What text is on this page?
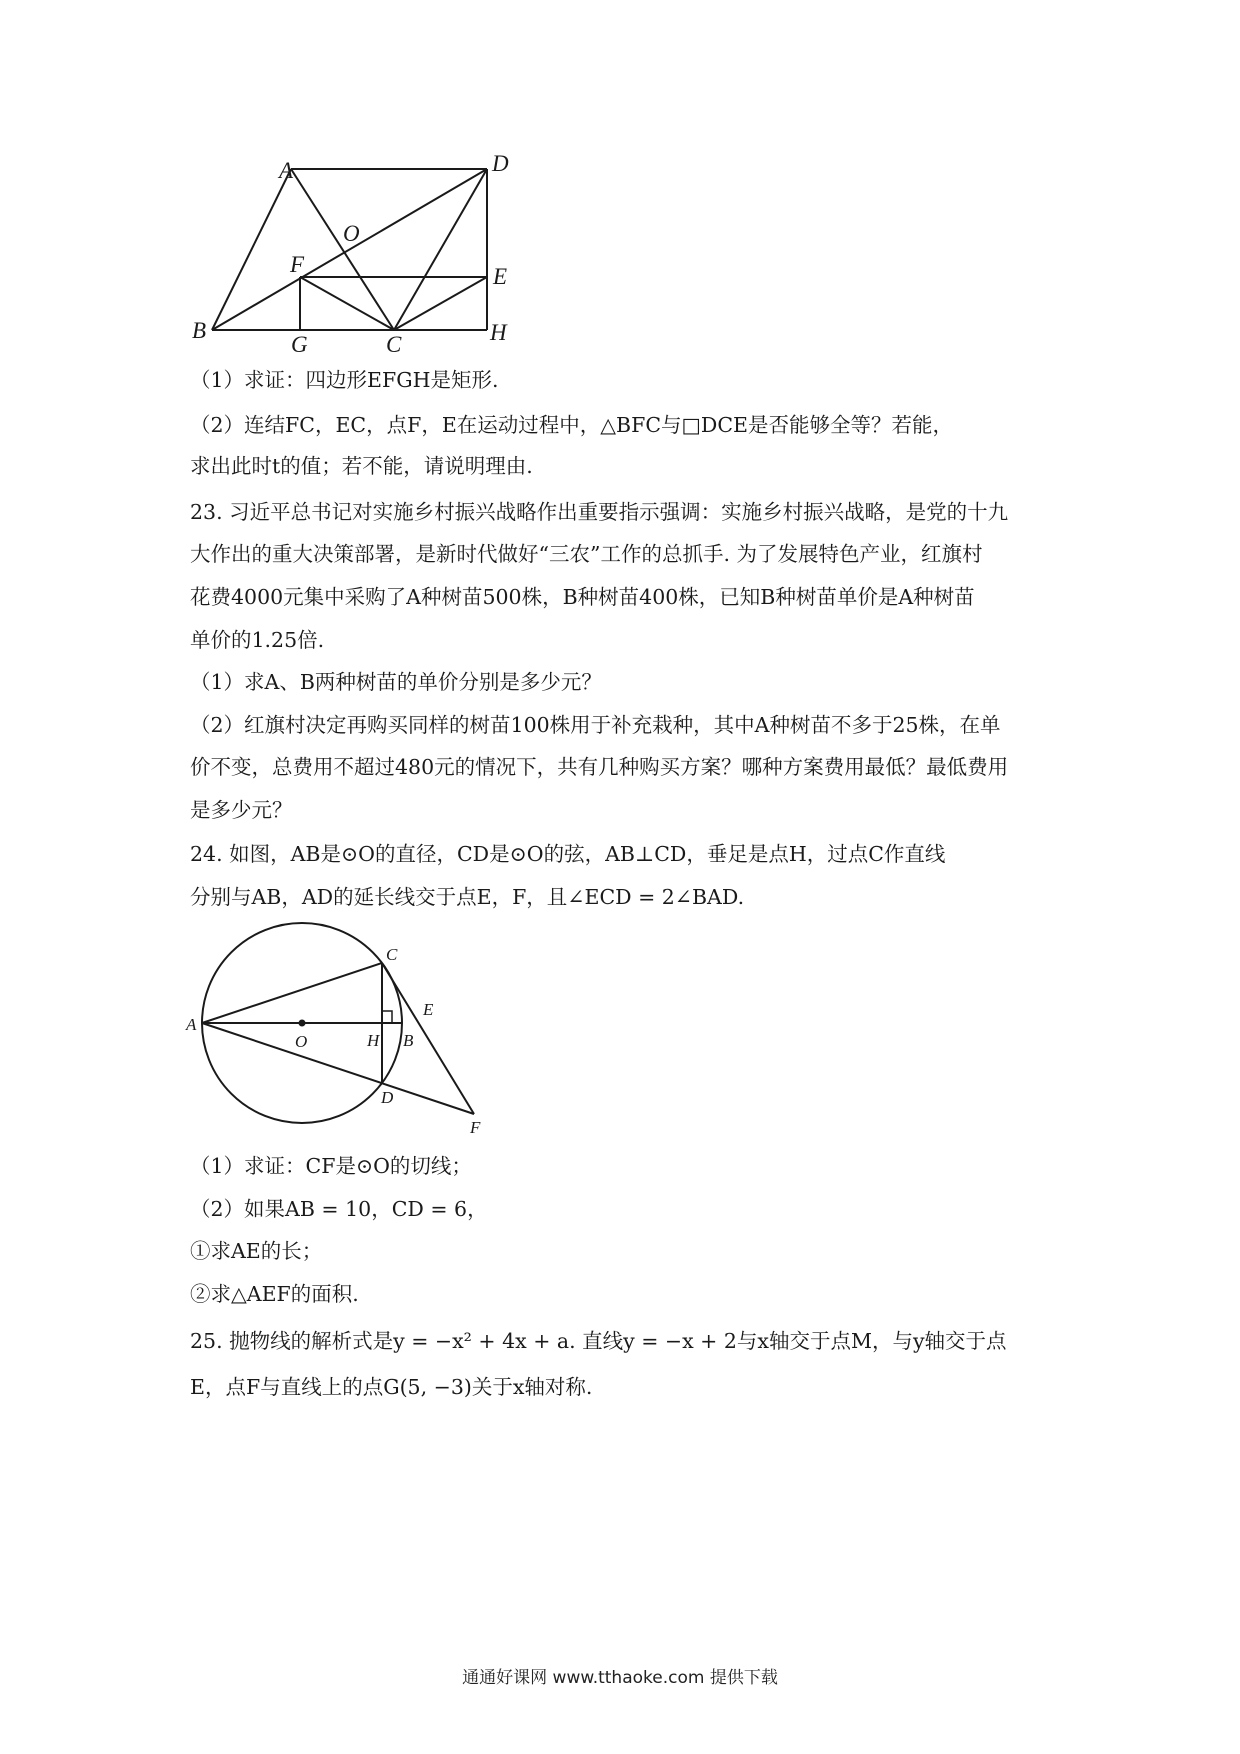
A	D
O
F	E
B
G	C	H
（1）求证：四边形EFGH是矩形.
（2）连结FC，EC，点F，E在运动过程中，△BFC与□DCE是否能够全等？若能，
求出此时t的值；若不能，请说明理由.
23. 习近平总书记对实施乡村振兴战略作出重要指示强调：实施乡村振兴战略，是党的十九
大作出的重大决策部署，是新时代做好“三农”工作的总抓手. 为了发展特色产业，红旗村
花费4000元集中采购了A种树苗500株，B种树苗400株，已知B种树苗单价是A种树苗
单价的1.25倍.
（1）求A、B两种树苗的单价分别是多少元？
（2）红旗村决定再购买同样的树苗100株用于补充栽种，其中A种树苗不多于25株，在单
价不变，总费用不超过480元的情况下，共有几种购买方案？哪种方案费用最低？最低费用
是多少元？
24. 如图，AB是⊙O的直径，CD是⊙O的弦，AB⊥CD，垂足是点H，过点C作直线
分别与AB，AD的延长线交于点E，F，且∠ECD = 2∠BAD.
C
A
E
O	H B
D
F
（1）求证：CF是⊙O的切线；
（2）如果AB = 10，CD = 6，
①求AE的长；
②求△AEF的面积.
25. 抛物线的解析式是y = −x² + 4x + a. 直线y = −x + 2与x轴交于点M，与y轴交于点
E，点F与直线上的点G(5, −3)关于x轴对称.
通通好课网 www.tthaoke.com 提供下载
